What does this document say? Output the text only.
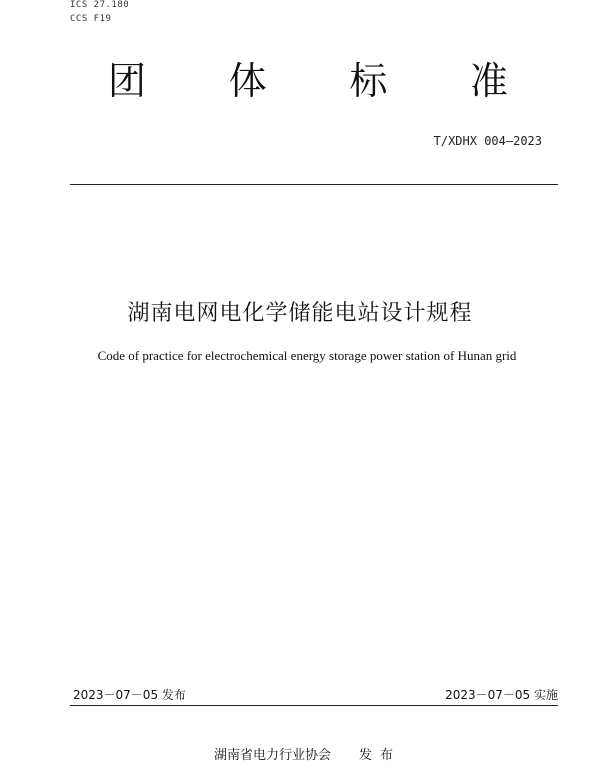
ICS 27.180
CCS F19
团 体 标 准
T/XDHX 004—2023
湖南电网电化学储能电站设计规程
Code of practice for electrochemical energy storage power station of Hunan grid
2023－07－05 发布	2023－07－05 实施
湖南省电力行业协会 发布
